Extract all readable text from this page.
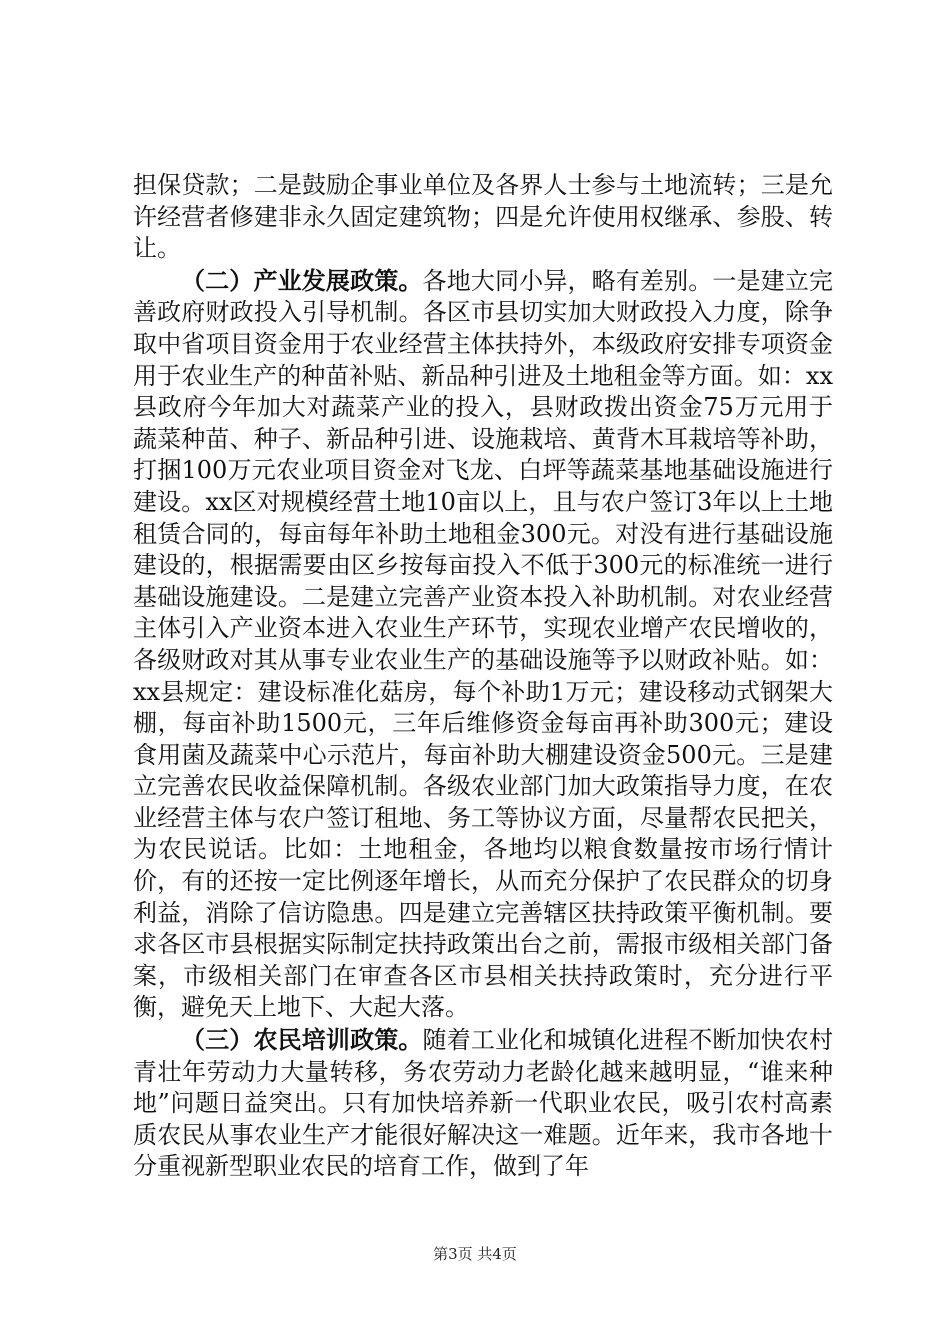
担保贷款；二是鼓励企事业单位及各界人士参与土地流转；三是允许经营者修建非永久固定建筑物；四是允许使用权继承、参股、转让。

（二）产业发展政策。各地大同小异，略有差别。一是建立完善政府财政投入引导机制。各区市县切实加大财政投入力度，除争取中省项目资金用于农业经营主体扶持外，本级政府安排专项资金用于农业生产的种苗补贴、新品种引进及土地租金等方面。如：xx县政府今年加大对蔬菜产业的投入，县财政拨出资金75万元用于蔬菜种苗、种子、新品种引进、设施栽培、黄背木耳栽培等补助，打捆100万元农业项目资金对飞龙、白坪等蔬菜基地基础设施进行建设。xx区对规模经营土地10亩以上，且与农户签订3年以上土地租赁合同的，每亩每年补助土地租金300元。对没有进行基础设施建设的，根据需要由区乡按每亩投入不低于300元的标准统一进行基础设施建设。二是建立完善产业资本投入补助机制。对农业经营主体引入产业资本进入农业生产环节，实现农业增产农民增收的，各级财政对其从事专业农业生产的基础设施等予以财政补贴。如：xx县规定：建设标准化菇房，每个补助1万元；建设移动式钢架大棚，每亩补助1500元，三年后维修资金每亩再补助300元；建设食用菌及蔬菜中心示范片，每亩补助大棚建设资金500元。三是建立完善农民收益保障机制。各级农业部门加大政策指导力度，在农业经营主体与农户签订租地、务工等协议方面，尽量帮农民把关，为农民说话。比如：土地租金，各地均以粮食数量按市场行情计价，有的还按一定比例逐年增长，从而充分保护了农民群众的切身利益，消除了信访隐患。四是建立完善辖区扶持政策平衡机制。要求各区市县根据实际制定扶持政策出台之前，需报市级相关部门备案，市级相关部门在审查各区市县相关扶持政策时，充分进行平衡，避免天上地下、大起大落。

（三）农民培训政策。随着工业化和城镇化进程不断加快农村青壮年劳动力大量转移，务农劳动力老龄化越来越明显，“谁来种地”问题日益突出。只有加快培养新一代职业农民，吸引农村高素质农民从事农业生产才能很好解决这一难题。近年来，我市各地十分重视新型职业农民的培育工作，做到了年

第3页 共4页
